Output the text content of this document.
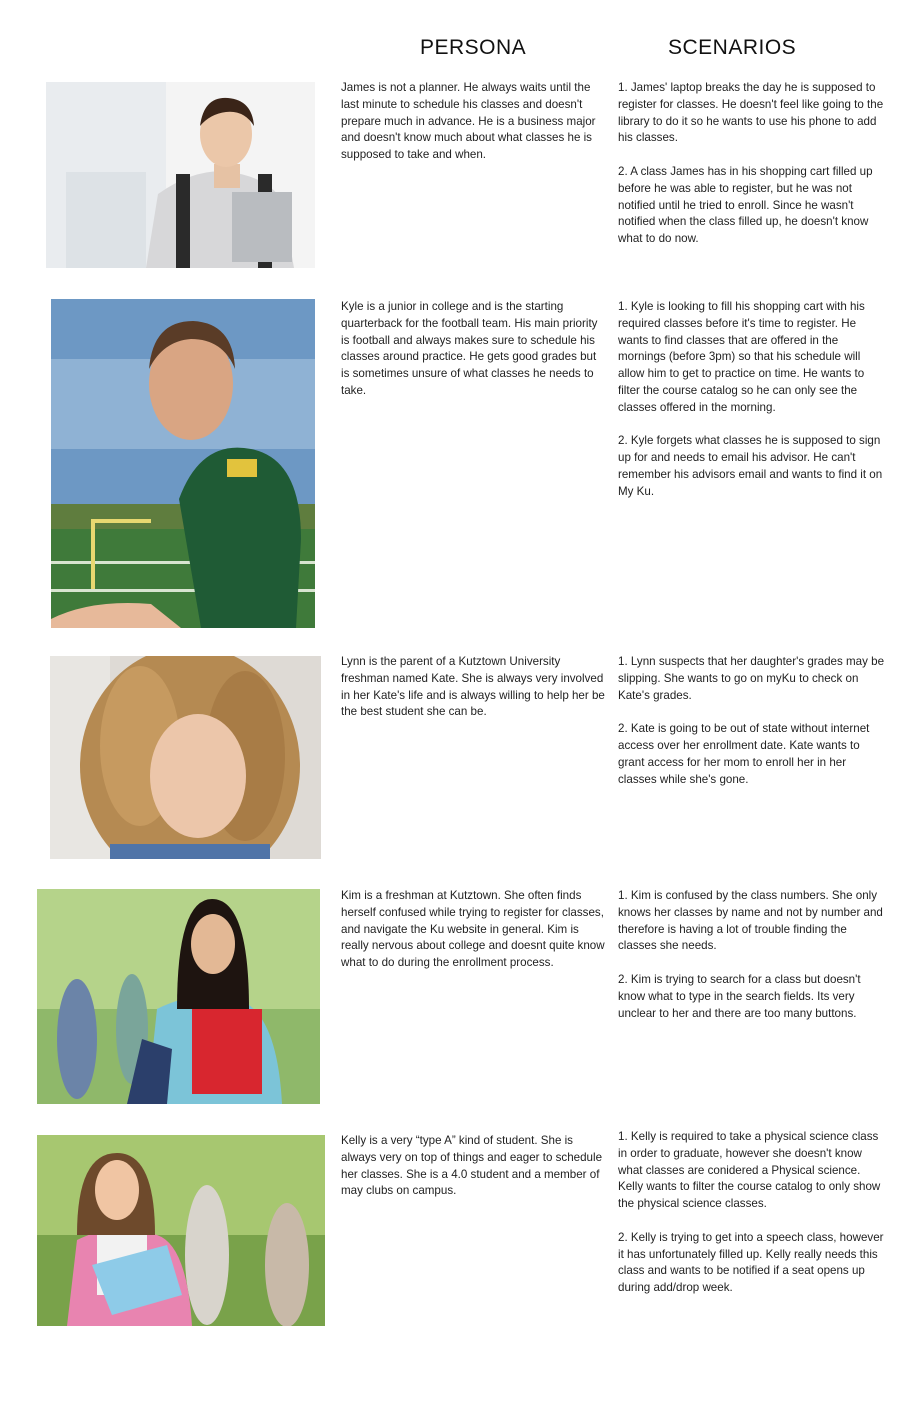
PERSONA	SCENARIOS

James is not a planner. He always waits until the last minute to schedule his classes and doesn't prepare much in advance. He is a business major and doesn't know much about what classes he is supposed to take and when.

1. James' laptop breaks the day he is supposed to register for classes. He doesn't feel like going to the library to do it so he wants to use his phone to add his classes.

2. A class James has in his shopping cart filled up before he was able to register, but he was not notified until he tried to enroll. Since he wasn't notified when the class filled up, he doesn't know what to do now.

Kyle is a junior in college and is the starting quarterback for the football team. His main priority is football and always makes sure to schedule his classes around practice. He gets good grades but is sometimes unsure of what classes he needs to take.

1. Kyle is looking to fill his shopping cart with his required classes before it's time to register. He wants to find classes that are offered in the mornings (before 3pm) so that his schedule will allow him to get to practice on time. He wants to filter the course catalog so he can only see the classes offered in the morning.

2. Kyle forgets what classes he is supposed to sign up for and needs to email his advisor. He can't remember his advisors email and wants to find it on My Ku.

Lynn is the parent of a Kutztown University freshman named Kate. She is always very involved in her Kate's life and is always willing to help her be the best student she can be.

1. Lynn suspects that her daughter's grades may be slipping. She wants to go on myKu to check on Kate's grades.

2. Kate is going to be out of state without internet access over her enrollment date. Kate wants to grant access for her mom to enroll her in her classes while she's gone.

Kim is a freshman at Kutztown. She often finds herself confused while trying to register for classes, and navigate the Ku website in general. Kim is really nervous about college and doesnt quite know what to do during the enrollment process.

1. Kim is confused by the class numbers. She only knows her classes by name and not by number and therefore is having a lot of trouble finding the classes she needs.

2. Kim is trying to search for a class but doesn't know what to type in the search fields. Its very unclear to her and there are too many buttons.

Kelly is a very “type A” kind of student. She is always very on top of things and eager to schedule her classes. She is a 4.0 student and a member of may clubs on campus.

1. Kelly is required to take a physical science class in order to graduate, however she doesn't know what classes are conidered a Physical science. Kelly wants to filter the course catalog to only show the physical science classes.

2. Kelly is trying to get into a speech class, however it has unfortunately filled up. Kelly really needs this class and wants to be notified if a seat opens up during add/drop week.
